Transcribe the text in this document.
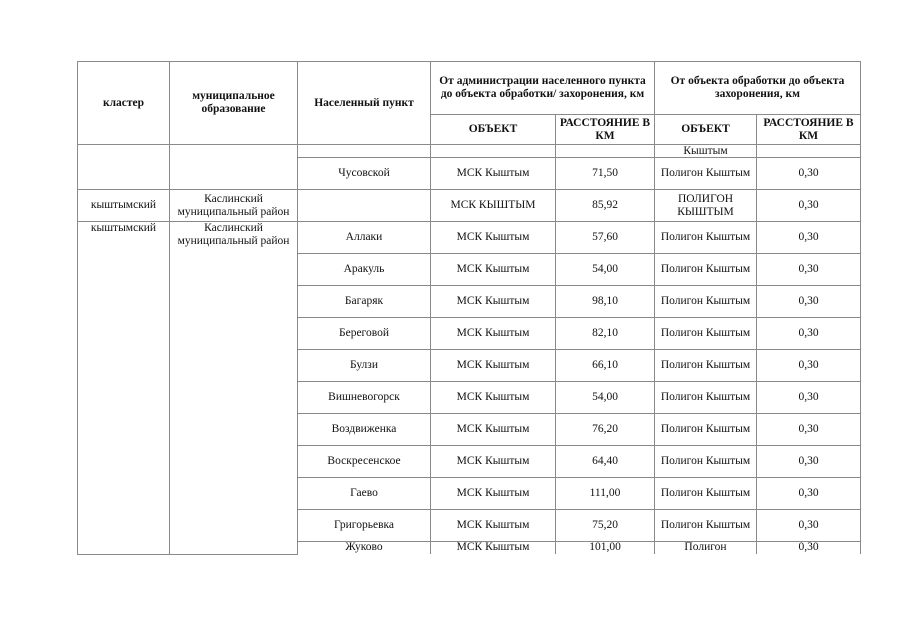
кластер	муниципальное образование	Населенный пункт	От администрации населенного пункта до объекта обработки/ захоронения, км		От объекта обработки до объекта захоронения, км	
			ОБЪЕКТ	РАССТОЯНИЕ В КМ	ОБЪЕКТ	РАССТОЯНИЕ В КМ
					Кыштым	
		Чусовской	МСК Кыштым	71,50	Полигон Кыштым	0,30
кыштымский	Каслинский муниципальный район		МСК КЫШТЫМ	85,92	ПОЛИГОН КЫШТЫМ	0,30
кыштымский	Каслинский муниципальный район	Аллаки	МСК Кыштым	57,60	Полигон Кыштым	0,30
		Аракуль	МСК Кыштым	54,00	Полигон Кыштым	0,30
		Багаряк	МСК Кыштым	98,10	Полигон Кыштым	0,30
		Береговой	МСК Кыштым	82,10	Полигон Кыштым	0,30
		Булзи	МСК Кыштым	66,10	Полигон Кыштым	0,30
		Вишневогорск	МСК Кыштым	54,00	Полигон Кыштым	0,30
		Воздвиженка	МСК Кыштым	76,20	Полигон Кыштым	0,30
		Воскресенское	МСК Кыштым	64,40	Полигон Кыштым	0,30
		Гаево	МСК Кыштым	111,00	Полигон Кыштым	0,30
		Григорьевка	МСК Кыштым	75,20	Полигон Кыштым	0,30
		Жуково	МСК Кыштым	101,00	Полигон	0,30
